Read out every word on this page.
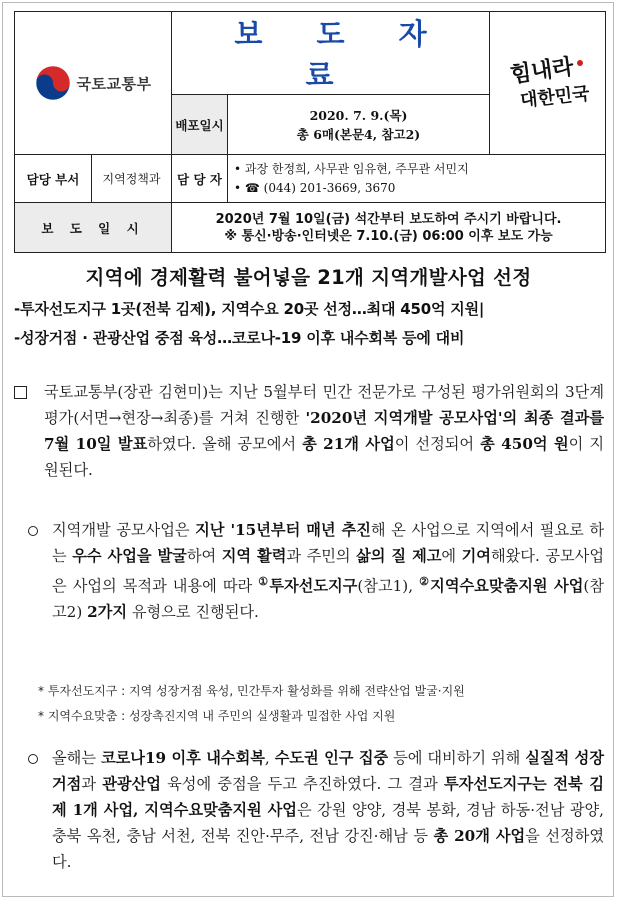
국토교통부		보 도 자 료		힘내라
대한민국

		배포일시	2020. 7. 9.(목)
총 6매(본문4, 참고2)	

담당 부서	지역정책과	담 당 자	• 과장 한정희, 사무관 임유현, 주무관 서민지
• ☎ (044) 201-3669, 3670	

보 도 일 시		2020년 7월 10일(금) 석간부터 보도하여 주시기 바랍니다.
※ 통신·방송·인터넷은 7.10.(금) 06:00 이후 보도 가능		
지역에 경제활력 불어넣을 21개 지역개발사업 선정
-투자선도지구 1곳(전북 김제), 지역수요 20곳 선정…최대 450억 지원|
-성장거점 · 관광산업 중점 육성…코로나-19 이후 내수회복 등에 대비
국토교통부(장관 김현미)는 지난 5월부터 민간 전문가로 구성된 평가위원회의 3단계 평가(서면→현장→최종)를 거쳐 진행한 '2020년 지역개발 공모사업'의 최종 결과를 7월 10일 발표하였다. 올해 공모에서 총 21개 사업이 선정되어 총 450억 원이 지원된다.
지역개발 공모사업은 지난 '15년부터 매년 추진해 온 사업으로 지역에서 필요로 하는 우수 사업을 발굴하여 지역 활력과 주민의 삶의 질 제고에 기여해왔다. 공모사업은 사업의 목적과 내용에 따라 ①투자선도지구(참고1), ②지역수요맞춤지원 사업(참고2) 2가지 유형으로 진행된다.
* 투자선도지구 : 지역 성장거점 육성, 민간투자 활성화를 위해 전략산업 발굴·지원
* 지역수요맞춤 : 성장촉진지역 내 주민의 실생활과 밀접한 사업 지원
올해는 코로나19 이후 내수회복, 수도권 인구 집중 등에 대비하기 위해 실질적 성장거점과 관광산업 육성에 중점을 두고 추진하였다. 그 결과 투자선도지구는 전북 김제 1개 사업, 지역수요맞춤지원 사업은 강원 양양, 경북 봉화, 경남 하동·전남 광양, 충북 옥천, 충남 서천, 전북 진안·무주, 전남 강진·해남 등 총 20개 사업을 선정하였다.
